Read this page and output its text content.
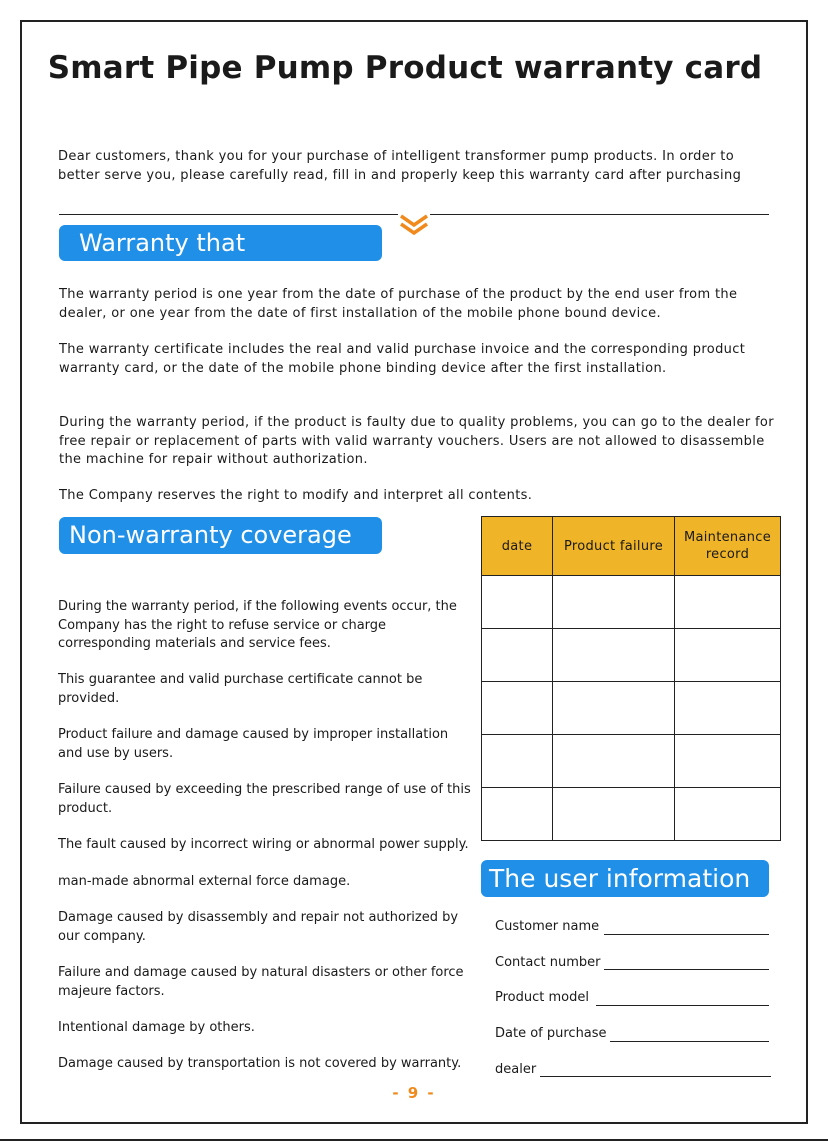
Smart Pipe Pump Product warranty card
Dear customers, thank you for your purchase of intelligent transformer pump products. In order to better serve you, please carefully read, fill in and properly keep this warranty card after purchasing
Warranty that
The warranty period is one year from the date of purchase of the product by the end user from the dealer, or one year from the date of first installation of the mobile phone bound device.
The warranty certificate includes the real and valid purchase invoice and the corresponding product warranty card, or the date of the mobile phone binding device after the first installation.
During the warranty period, if the product is faulty due to quality problems, you can go to the dealer for free repair or replacement of parts with valid warranty vouchers. Users are not allowed to disassemble the machine for repair without authorization.
The Company reserves the right to modify and interpret all contents.
Non-warranty coverage
During the warranty period, if the following events occur, the Company has the right to refuse service or charge corresponding materials and service fees.
This guarantee and valid purchase certificate cannot be provided.
Product failure and damage caused by improper installation and use by users.
Failure caused by exceeding the prescribed range of use of this product.
The fault caused by incorrect wiring or abnormal power supply.
man-made abnormal external force damage.
Damage caused by disassembly and repair not authorized by our company.
Failure and damage caused by natural disasters or other force majeure factors.
Intentional damage by others.
Damage caused by transportation is not covered by warranty.
date	Product failure	Maintenance record

The user information
Customer name
Contact number
Product model
Date of purchase
dealer
- 9 -
